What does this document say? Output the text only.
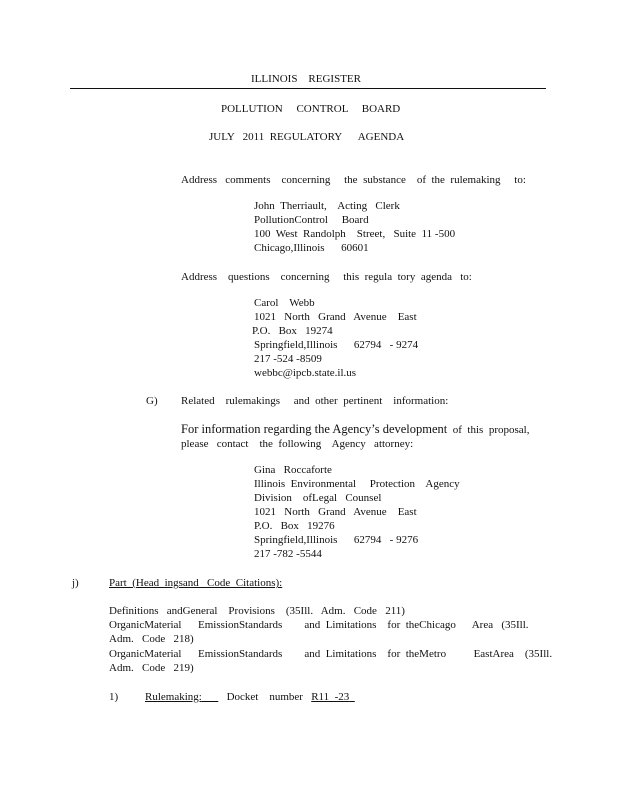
ILLINOIS    REGISTER
POLLUTION     CONTROL     BOARD
JULY   2011  REGULATORY      AGENDA
Address   comments    concerning     the  substance    of  the  rulemaking     to:
John  Therriault,    Acting   Clerk
PollutionControl     Board
100  West  Randolph    Street,   Suite  11 -500
Chicago,Illinois      60601
Address    questions    concerning     this  regula  tory  agenda   to:
Carol    Webb
1021   North   Grand   Avenue    East
P.O.   Box   19274
Springfield,Illinois      62794   - 9274
217 -524 -8509
webbc@ipcb.state.il.us
G) Related    rulemakings     and  other  pertinent    information:
For information regarding the Agency’s development  of  this  proposal,
please   contact    the  following    Agency   attorney:
Gina   Roccaforte
Illinois  Environmental     Protection    Agency
Division    ofLegal   Counsel
1021   North   Grand   Avenue    East
P.O.   Box   19276
Springfield,Illinois      62794   - 9276
217 -782 -5544
j)	Part  (Head  ingsand   Code  Citations):
Definitions   andGeneral    Provisions    (35Ill.   Adm.   Code   211)
OrganicMaterial      EmissionStandards        and  Limitations    for  theChicago      Area   (35Ill.
Adm.   Code   218)
OrganicMaterial      EmissionStandards        and  Limitations    for  theMetro          EastArea    (35Ill.
Adm.   Code   219)
1) Rulemaking:         Docket    number   R11  -23
